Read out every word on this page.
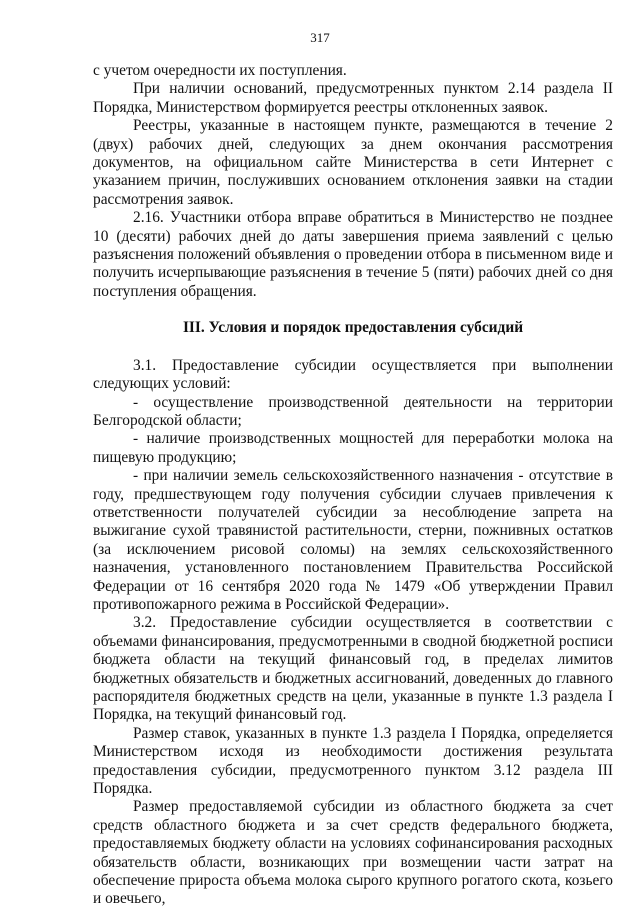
317

с учетом очередности их поступления.

При наличии оснований, предусмотренных пунктом 2.14 раздела II Порядка, Министерством формируется реестры отклоненных заявок.

Реестры, указанные в настоящем пункте, размещаются в течение 2 (двух) рабочих дней, следующих за днем окончания рассмотрения документов, на официальном сайте Министерства в сети Интернет с указанием причин, послуживших основанием отклонения заявки на стадии рассмотрения заявок.

2.16. Участники отбора вправе обратиться в Министерство не позднее 10 (десяти) рабочих дней до даты завершения приема заявлений с целью разъяснения положений объявления о проведении отбора в письменном виде и получить исчерпывающие разъяснения в течение 5 (пяти) рабочих дней со дня поступления обращения.

III. Условия и порядок предоставления субсидий

3.1. Предоставление субсидии осуществляется при выполнении следующих условий:

- осуществление производственной деятельности на территории Белгородской области;

- наличие производственных мощностей для переработки молока на пищевую продукцию;

- при наличии земель сельскохозяйственного назначения - отсутствие в году, предшествующем году получения субсидии случаев привлечения к ответственности получателей субсидии за несоблюдение запрета на выжигание сухой травянистой растительности, стерни, пожнивных остатков (за исключением рисовой соломы) на землях сельскохозяйственного назначения, установленного постановлением Правительства Российской Федерации от 16 сентября 2020 года № 1479 «Об утверждении Правил противопожарного режима в Российской Федерации».

3.2. Предоставление субсидии осуществляется в соответствии с объемами финансирования, предусмотренными в сводной бюджетной росписи бюджета области на текущий финансовый год, в пределах лимитов бюджетных обязательств и бюджетных ассигнований, доведенных до главного распорядителя бюджетных средств на цели, указанные в пункте 1.3 раздела I Порядка, на текущий финансовый год.

Размер ставок, указанных в пункте 1.3 раздела I Порядка, определяется Министерством исходя из необходимости достижения результата предоставления субсидии, предусмотренного пунктом 3.12 раздела III Порядка.

Размер предоставляемой субсидии из областного бюджета за счет средств областного бюджета и за счет средств федерального бюджета, предоставляемых бюджету области на условиях софинансирования расходных обязательств области, возникающих при возмещении части затрат на обеспечение прироста объема молока сырого крупного рогатого скота, козьего и овечьего,
